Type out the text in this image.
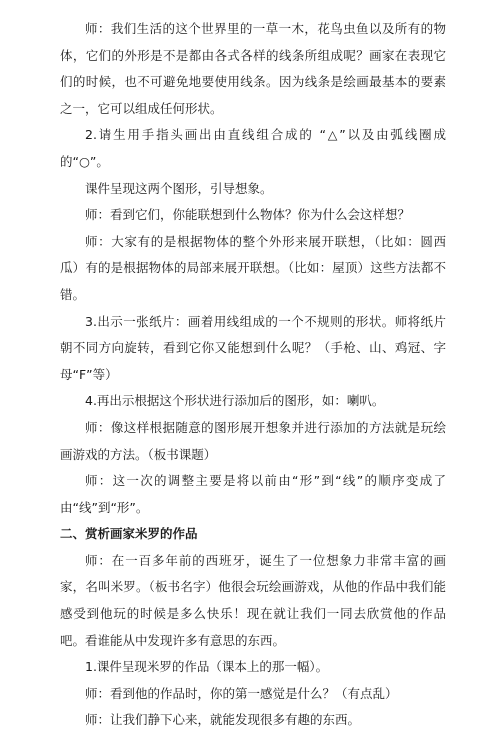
师：我们生活的这个世界里的一草一木，花鸟虫鱼以及所有的物体，它们的外形是不是都由各式各样的线条所组成呢？画家在表现它们的时候，也不可避免地要使用线条。因为线条是绘画最基本的要素之一，它可以组成任何形状。

2.请生用手指头画出由直线组合成的 “△”以及由弧线圈成的“○”。

课件呈现这两个图形，引导想象。

师：看到它们，你能联想到什么物体？你为什么会这样想？

师：大家有的是根据物体的整个外形来展开联想，（比如：圆西瓜）有的是根据物体的局部来展开联想。（比如：屋顶）这些方法都不错。

3.出示一张纸片：画着用线组成的一个不规则的形状。师将纸片朝不同方向旋转，看到它你又能想到什么呢？（手枪、山、鸡冠、字母“F”等）

4.再出示根据这个形状进行添加后的图形，如：喇叭。

师：像这样根据随意的图形展开想象并进行添加的方法就是玩绘画游戏的方法。（板书课题）

师：这一次的调整主要是将以前由“形”到“线”的顺序变成了由“线”到“形”。

二、赏析画家米罗的作品

师：在一百多年前的西班牙，诞生了一位想象力非常丰富的画家，名叫米罗。（板书名字）他很会玩绘画游戏，从他的作品中我们能感受到他玩的时候是多么快乐！现在就让我们一同去欣赏他的作品吧。看谁能从中发现许多有意思的东西。

1.课件呈现米罗的作品（课本上的那一幅）。

师：看到他的作品时，你的第一感觉是什么？（有点乱）

师：让我们静下心来，就能发现很多有趣的东西。
